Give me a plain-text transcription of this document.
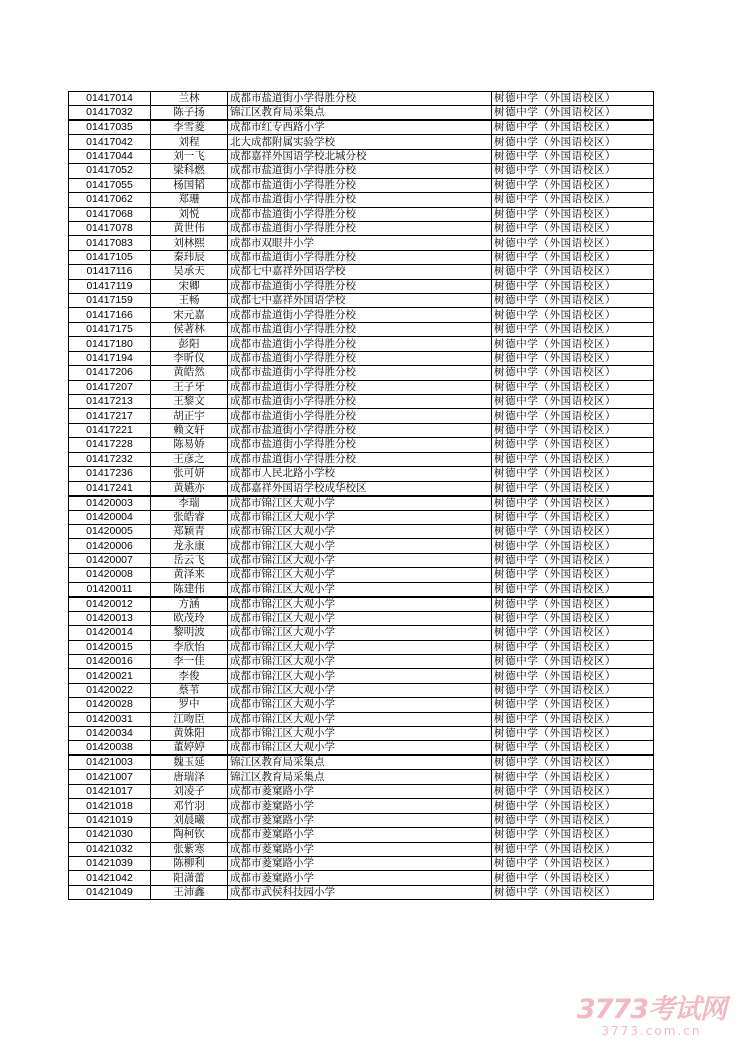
01417014	兰林	成都市盐道街小学得胜分校	树德中学（外国语校区）
01417032	陈子扬	锦江区教育局采集点	树德中学（外国语校区）
01417035	李雪菱	成都市红专西路小学	树德中学（外国语校区）
01417042	刘程	北大成都附属实验学校	树德中学（外国语校区）
01417044	刘一飞	成都嘉祥外国语学校北城分校	树德中学（外国语校区）
01417052	梁科燃	成都市盐道街小学得胜分校	树德中学（外国语校区）
01417055	杨国韬	成都市盐道街小学得胜分校	树德中学（外国语校区）
01417062	郑珊	成都市盐道街小学得胜分校	树德中学（外国语校区）
01417068	刘悦	成都市盐道街小学得胜分校	树德中学（外国语校区）
01417078	黄世伟	成都市盐道街小学得胜分校	树德中学（外国语校区）
01417083	刘林熙	成都市双眼井小学	树德中学（外国语校区）
01417105	秦玮辰	成都市盐道街小学得胜分校	树德中学（外国语校区）
01417116	吴承天	成都七中嘉祥外国语学校	树德中学（外国语校区）
01417119	宋卿	成都市盐道街小学得胜分校	树德中学（外国语校区）
01417159	王畅	成都七中嘉祥外国语学校	树德中学（外国语校区）
01417166	宋元嘉	成都市盐道街小学得胜分校	树德中学（外国语校区）
01417175	侯著林	成都市盐道街小学得胜分校	树德中学（外国语校区）
01417180	彭阳	成都市盐道街小学得胜分校	树德中学（外国语校区）
01417194	李昕仪	成都市盐道街小学得胜分校	树德中学（外国语校区）
01417206	黄皓然	成都市盐道街小学得胜分校	树德中学（外国语校区）
01417207	王子牙	成都市盐道街小学得胜分校	树德中学（外国语校区）
01417213	王黎文	成都市盐道街小学得胜分校	树德中学（外国语校区）
01417217	胡正宇	成都市盐道街小学得胜分校	树德中学（外国语校区）
01417221	赖文轩	成都市盐道街小学得胜分校	树德中学（外国语校区）
01417228	陈易娇	成都市盐道街小学得胜分校	树德中学（外国语校区）
01417232	王彦之	成都市盐道街小学得胜分校	树德中学（外国语校区）
01417236	张可妍	成都市人民北路小学校	树德中学（外国语校区）
01417241	黄嬿亦	成都嘉祥外国语学校成华校区	树德中学（外国语校区）
01420003	李瑞	成都市锦江区大观小学	树德中学（外国语校区）
01420004	张皓睿	成都市锦江区大观小学	树德中学（外国语校区）
01420005	郑颖青	成都市锦江区大观小学	树德中学（外国语校区）
01420006	龙永康	成都市锦江区大观小学	树德中学（外国语校区）
01420007	岳云飞	成都市锦江区大观小学	树德中学（外国语校区）
01420008	黄泽来	成都市锦江区大观小学	树德中学（外国语校区）
01420011	陈建伟	成都市锦江区大观小学	树德中学（外国语校区）
01420012	方涵	成都市锦江区大观小学	树德中学（外国语校区）
01420013	欧茂玲	成都市锦江区大观小学	树德中学（外国语校区）
01420014	黎明波	成都市锦江区大观小学	树德中学（外国语校区）
01420015	李欣怡	成都市锦江区大观小学	树德中学（外国语校区）
01420016	李一佳	成都市锦江区大观小学	树德中学（外国语校区）
01420021	李俊	成都市锦江区大观小学	树德中学（外国语校区）
01420022	蔡苇	成都市锦江区大观小学	树德中学（外国语校区）
01420028	罗中	成都市锦江区大观小学	树德中学（外国语校区）
01420031	江吻臣	成都市锦江区大观小学	树德中学（外国语校区）
01420034	黄姝阳	成都市锦江区大观小学	树德中学（外国语校区）
01420038	董婷婷	成都市锦江区大观小学	树德中学（外国语校区）
01421003	魏玉延	锦江区教育局采集点	树德中学（外国语校区）
01421007	唐瑞泽	锦江区教育局采集点	树德中学（外国语校区）
01421017	刘凌子	成都市菱窠路小学	树德中学（外国语校区）
01421018	邓竹羽	成都市菱窠路小学	树德中学（外国语校区）
01421019	刘晨曦	成都市菱窠路小学	树德中学（外国语校区）
01421030	陶柯钦	成都市菱窠路小学	树德中学（外国语校区）
01421032	张紫寒	成都市菱窠路小学	树德中学（外国语校区）
01421039	陈柳利	成都市菱窠路小学	树德中学（外国语校区）
01421042	阳潇蕾	成都市菱窠路小学	树德中学（外国语校区）
01421049	王沛鑫	成都市武侯科技园小学	树德中学（外国语校区）
3773考试网
3773.com.cn
